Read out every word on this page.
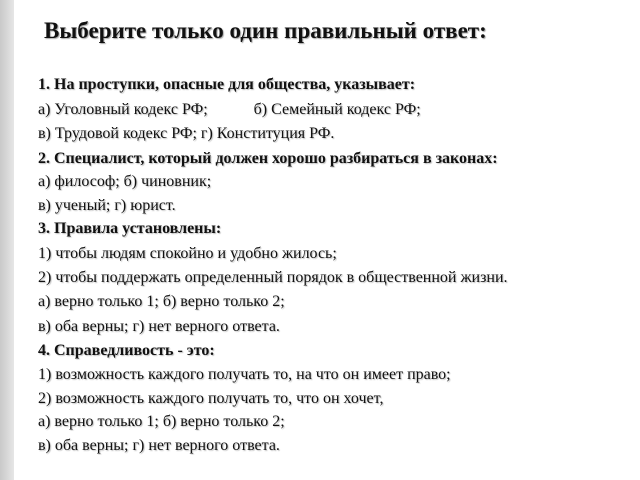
Выберите только один правильный ответ:
1. На проступки, опасные для общества, указывает:
а) Уголовный кодекс РФ;	б) Семейный кодекс РФ;
в) Трудовой кодекс РФ; г) Конституция РФ.
2. Специалист, который должен хорошо разбираться в законах:
а) философ; б) чиновник;
в) ученый; г) юрист.
3. Правила установлены:
1) чтобы людям спокойно и удобно жилось;
2) чтобы поддержать определенный порядок в общественной жизни.
а) верно только 1; б) верно только 2;
в) оба верны; г) нет верного ответа.
4. Справедливость - это:
1) возможность каждого получать то, на что он имеет право;
2) возможность каждого получать то, что он хочет,
а) верно только 1; б) верно только 2;
в) оба верны; г) нет верного ответа.
